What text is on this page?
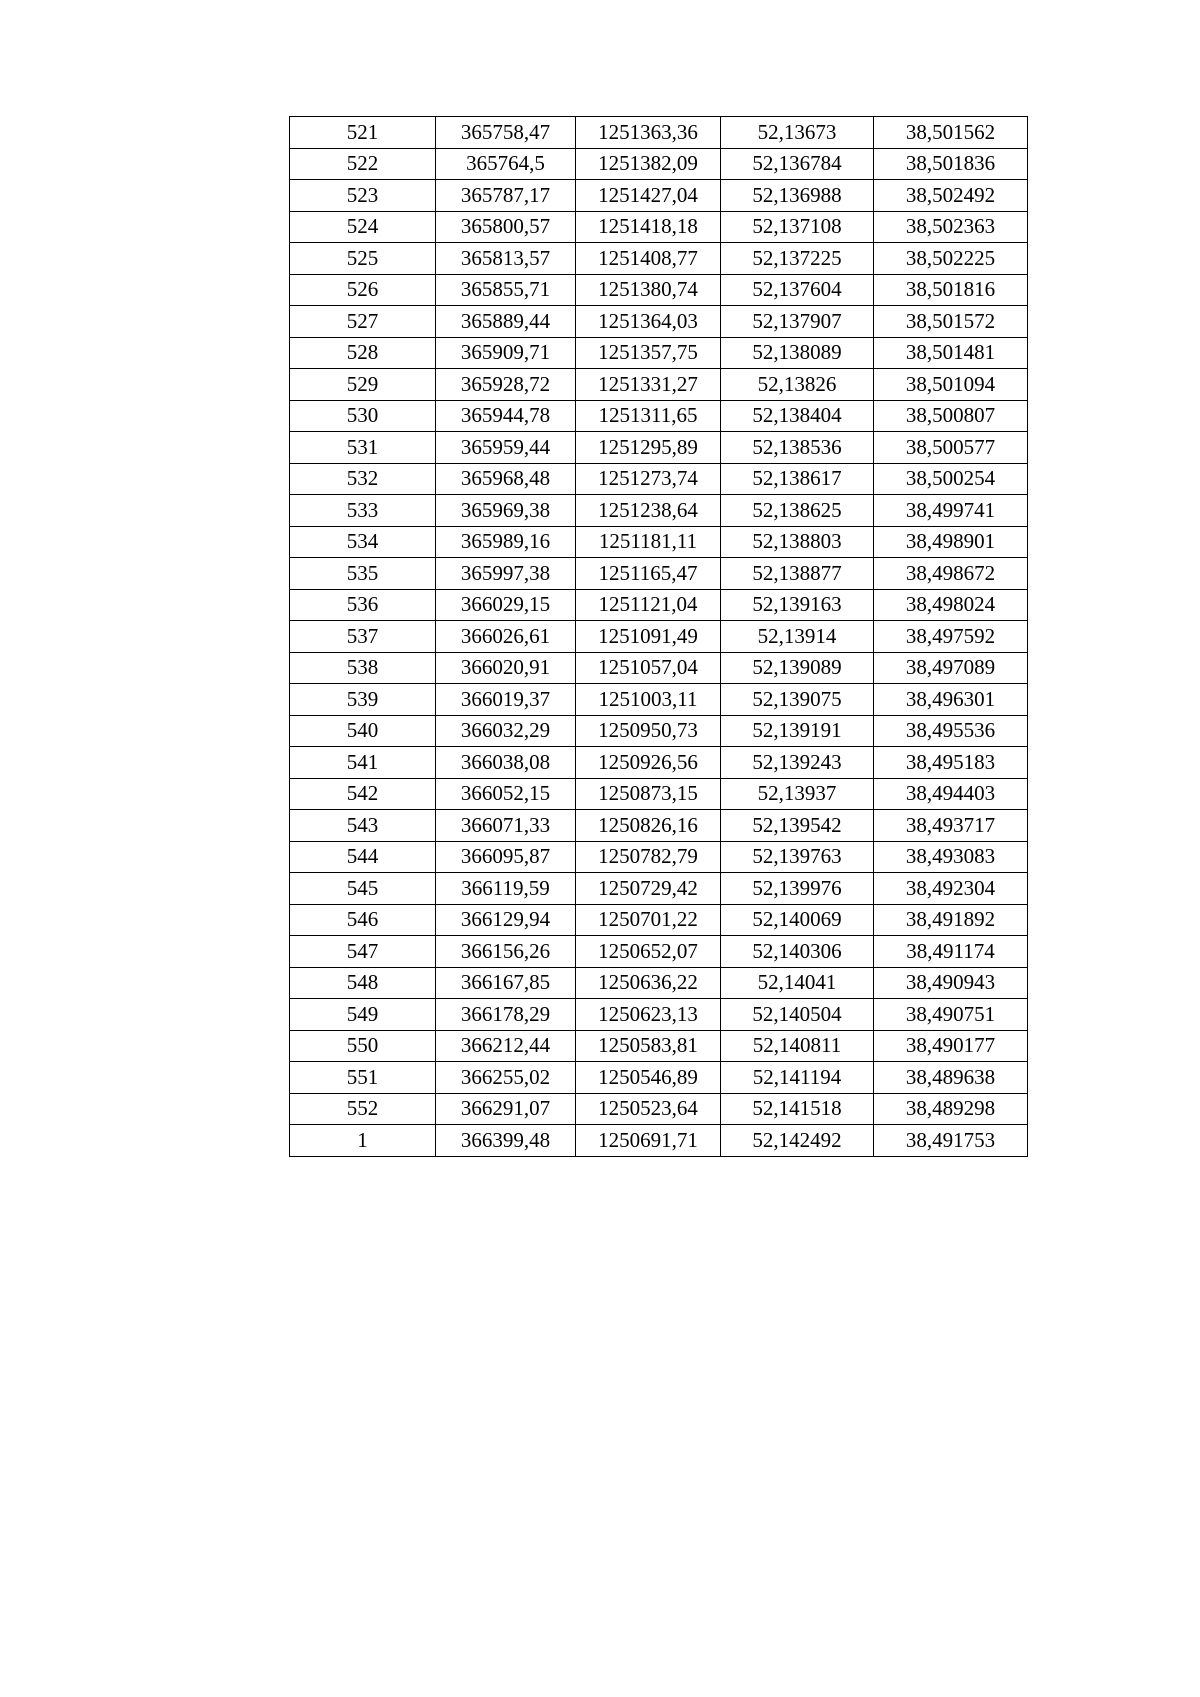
521	365758,47	1251363,36	52,13673	38,501562
522	365764,5	1251382,09	52,136784	38,501836
523	365787,17	1251427,04	52,136988	38,502492
524	365800,57	1251418,18	52,137108	38,502363
525	365813,57	1251408,77	52,137225	38,502225
526	365855,71	1251380,74	52,137604	38,501816
527	365889,44	1251364,03	52,137907	38,501572
528	365909,71	1251357,75	52,138089	38,501481
529	365928,72	1251331,27	52,13826	38,501094
530	365944,78	1251311,65	52,138404	38,500807
531	365959,44	1251295,89	52,138536	38,500577
532	365968,48	1251273,74	52,138617	38,500254
533	365969,38	1251238,64	52,138625	38,499741
534	365989,16	1251181,11	52,138803	38,498901
535	365997,38	1251165,47	52,138877	38,498672
536	366029,15	1251121,04	52,139163	38,498024
537	366026,61	1251091,49	52,13914	38,497592
538	366020,91	1251057,04	52,139089	38,497089
539	366019,37	1251003,11	52,139075	38,496301
540	366032,29	1250950,73	52,139191	38,495536
541	366038,08	1250926,56	52,139243	38,495183
542	366052,15	1250873,15	52,13937	38,494403
543	366071,33	1250826,16	52,139542	38,493717
544	366095,87	1250782,79	52,139763	38,493083
545	366119,59	1250729,42	52,139976	38,492304
546	366129,94	1250701,22	52,140069	38,491892
547	366156,26	1250652,07	52,140306	38,491174
548	366167,85	1250636,22	52,14041	38,490943
549	366178,29	1250623,13	52,140504	38,490751
550	366212,44	1250583,81	52,140811	38,490177
551	366255,02	1250546,89	52,141194	38,489638
552	366291,07	1250523,64	52,141518	38,489298
1	366399,48	1250691,71	52,142492	38,491753
